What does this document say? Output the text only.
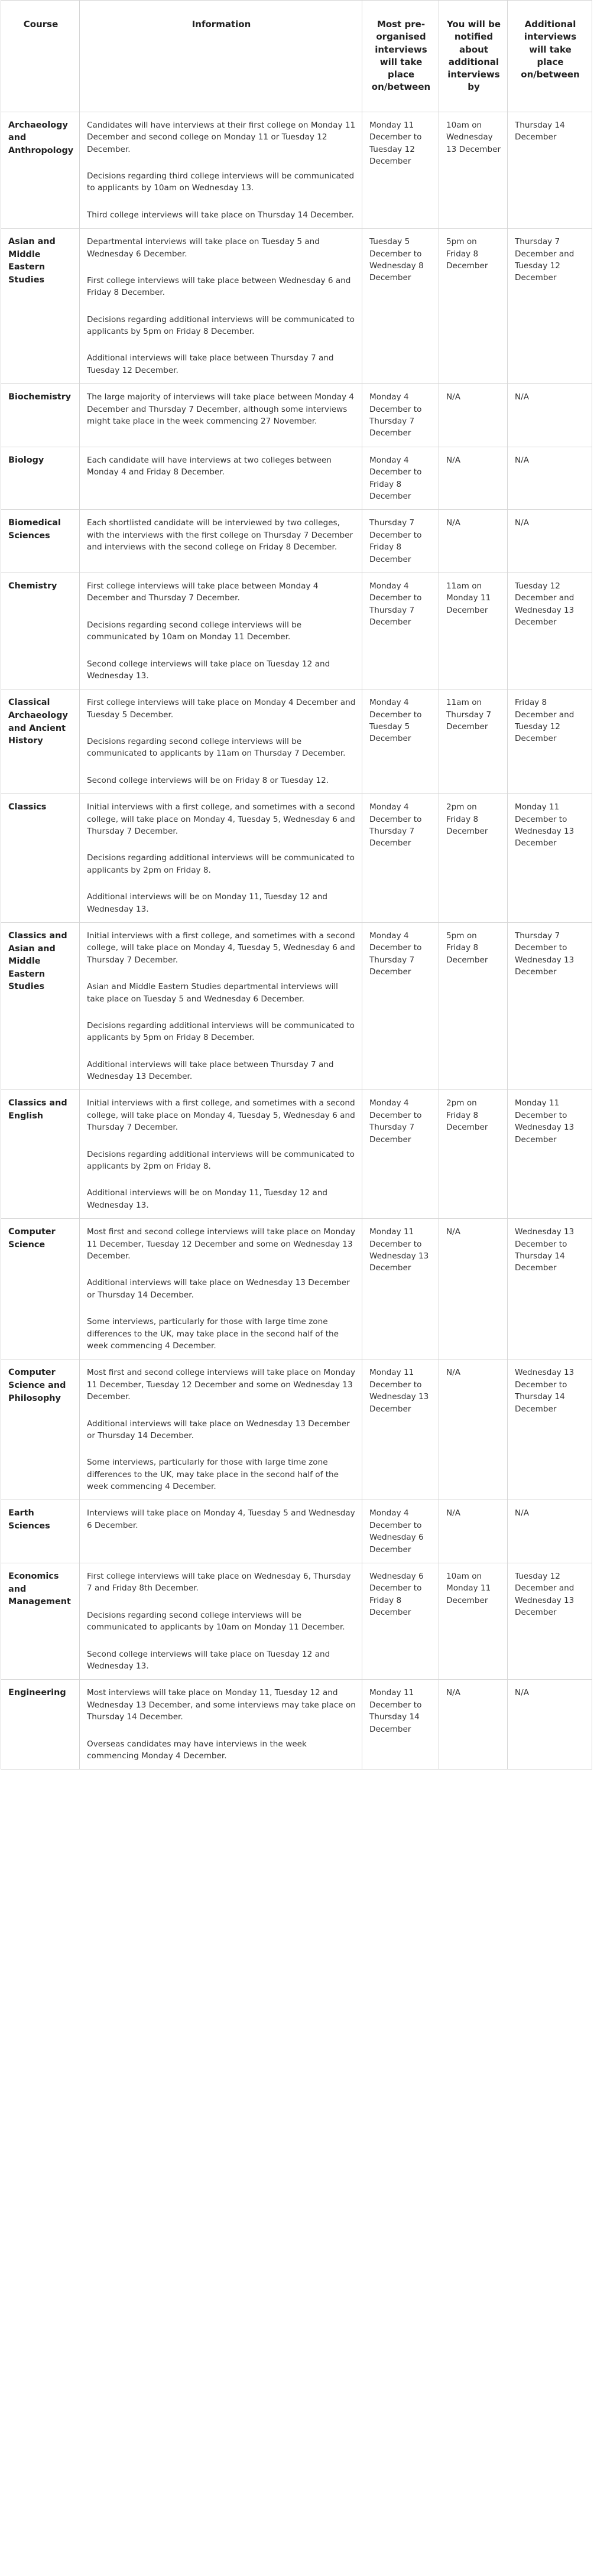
Course	Information	Most pre-organised interviews will take place on/between	You will be notified about additional interviews by	Additional interviews will take place on/between
Archaeology and Anthropology	Candidates will have interviews at their first college on Monday 11 December and second college on Monday 11 or Tuesday 12 December.

Decisions regarding third college interviews will be communicated to applicants by 10am on Wednesday 13.

Third college interviews will take place on Thursday 14 December.	Monday 11 December to Tuesday 12 December	10am on Wednesday 13 December	Thursday 14 December
Asian and Middle Eastern Studies	Departmental interviews will take place on Tuesday 5 and Wednesday 6 December.

First college interviews will take place between Wednesday 6 and Friday 8 December.

Decisions regarding additional interviews will be communicated to applicants by 5pm on Friday 8 December.

Additional interviews will take place between Thursday 7 and Tuesday 12 December.	Tuesday 5 December to Wednesday 8 December	5pm on Friday 8 December	Thursday 7 December and Tuesday 12 December
Biochemistry	The large majority of interviews will take place between Monday 4 December and Thursday 7 December, although some interviews might take place in the week commencing 27 November.	Monday 4 December to Thursday 7 December	N/A	N/A
Biology	Each candidate will have interviews at two colleges between Monday 4 and Friday 8 December.	Monday 4 December to Friday 8 December	N/A	N/A
Biomedical Sciences	Each shortlisted candidate will be interviewed by two colleges, with the interviews with the first college on Thursday 7 December and interviews with the second college on Friday 8 December.	Thursday 7 December to Friday 8 December	N/A	N/A
Chemistry	First college interviews will take place between Monday 4 December and Thursday 7 December.

Decisions regarding second college interviews will be communicated by 10am on Monday 11 December.

Second college interviews will take place on Tuesday 12 and Wednesday 13.	Monday 4 December to Thursday 7 December	11am on Monday 11 December	Tuesday 12 December and Wednesday 13 December
Classical Archaeology and Ancient History	First college interviews will take place on Monday 4 December and Tuesday 5 December.

Decisions regarding second college interviews will be communicated to applicants by 11am on Thursday 7 December.

Second college interviews will be on Friday 8 or Tuesday 12.	Monday 4 December to Tuesday 5 December	11am on Thursday 7 December	Friday 8 December and Tuesday 12 December
Classics	Initial interviews with a first college, and sometimes with a second college, will take place on Monday 4, Tuesday 5, Wednesday 6 and Thursday 7 December.

Decisions regarding additional interviews will be communicated to applicants by 2pm on Friday 8.

Additional interviews will be on Monday 11, Tuesday 12 and Wednesday 13.	Monday 4 December to Thursday 7 December	2pm on Friday 8 December	Monday 11 December to Wednesday 13 December
Classics and Asian and Middle Eastern Studies	Initial interviews with a first college, and sometimes with a second college, will take place on Monday 4, Tuesday 5, Wednesday 6 and Thursday 7 December.

Asian and Middle Eastern Studies departmental interviews will take place on Tuesday 5 and Wednesday 6 December.

Decisions regarding additional interviews will be communicated to applicants by 5pm on Friday 8 December.

Additional interviews will take place between Thursday 7 and Wednesday 13 December.	Monday 4 December to Thursday 7 December	5pm on Friday 8 December	Thursday 7 December to Wednesday 13 December
Classics and English	Initial interviews with a first college, and sometimes with a second college, will take place on Monday 4, Tuesday 5, Wednesday 6 and Thursday 7 December.

Decisions regarding additional interviews will be communicated to applicants by 2pm on Friday 8.

Additional interviews will be on Monday 11, Tuesday 12 and Wednesday 13.	Monday 4 December to Thursday 7 December	2pm on Friday 8 December	Monday 11 December to Wednesday 13 December
Computer Science	Most first and second college interviews will take place on Monday 11 December, Tuesday 12 December and some on Wednesday 13 December.

Additional interviews will take place on Wednesday 13 December or Thursday 14 December.

Some interviews, particularly for those with large time zone differences to the UK, may take place in the second half of the week commencing 4 December.	Monday 11 December to Wednesday 13 December	N/A	Wednesday 13 December to Thursday 14 December
Computer Science and Philosophy	Most first and second college interviews will take place on Monday 11 December, Tuesday 12 December and some on Wednesday 13 December.

Additional interviews will take place on Wednesday 13 December or Thursday 14 December.

Some interviews, particularly for those with large time zone differences to the UK, may take place in the second half of the week commencing 4 December.	Monday 11 December to Wednesday 13 December	N/A	Wednesday 13 December to Thursday 14 December
Earth Sciences	Interviews will take place on Monday 4, Tuesday 5 and Wednesday 6 December.	Monday 4 December to Wednesday 6 December	N/A	N/A
Economics and Management	First college interviews will take place on Wednesday 6, Thursday 7 and Friday 8th December.

Decisions regarding second college interviews will be communicated to applicants by 10am on Monday 11 December.

Second college interviews will take place on Tuesday 12 and Wednesday 13.	Wednesday 6 December to Friday 8 December	10am on Monday 11 December	Tuesday 12 December and Wednesday 13 December
Engineering	Most interviews will take place on Monday 11, Tuesday 12 and Wednesday 13 December, and some interviews may take place on Thursday 14 December.

Overseas candidates may have interviews in the week commencing Monday 4 December.	Monday 11 December to Thursday 14 December	N/A	N/A
